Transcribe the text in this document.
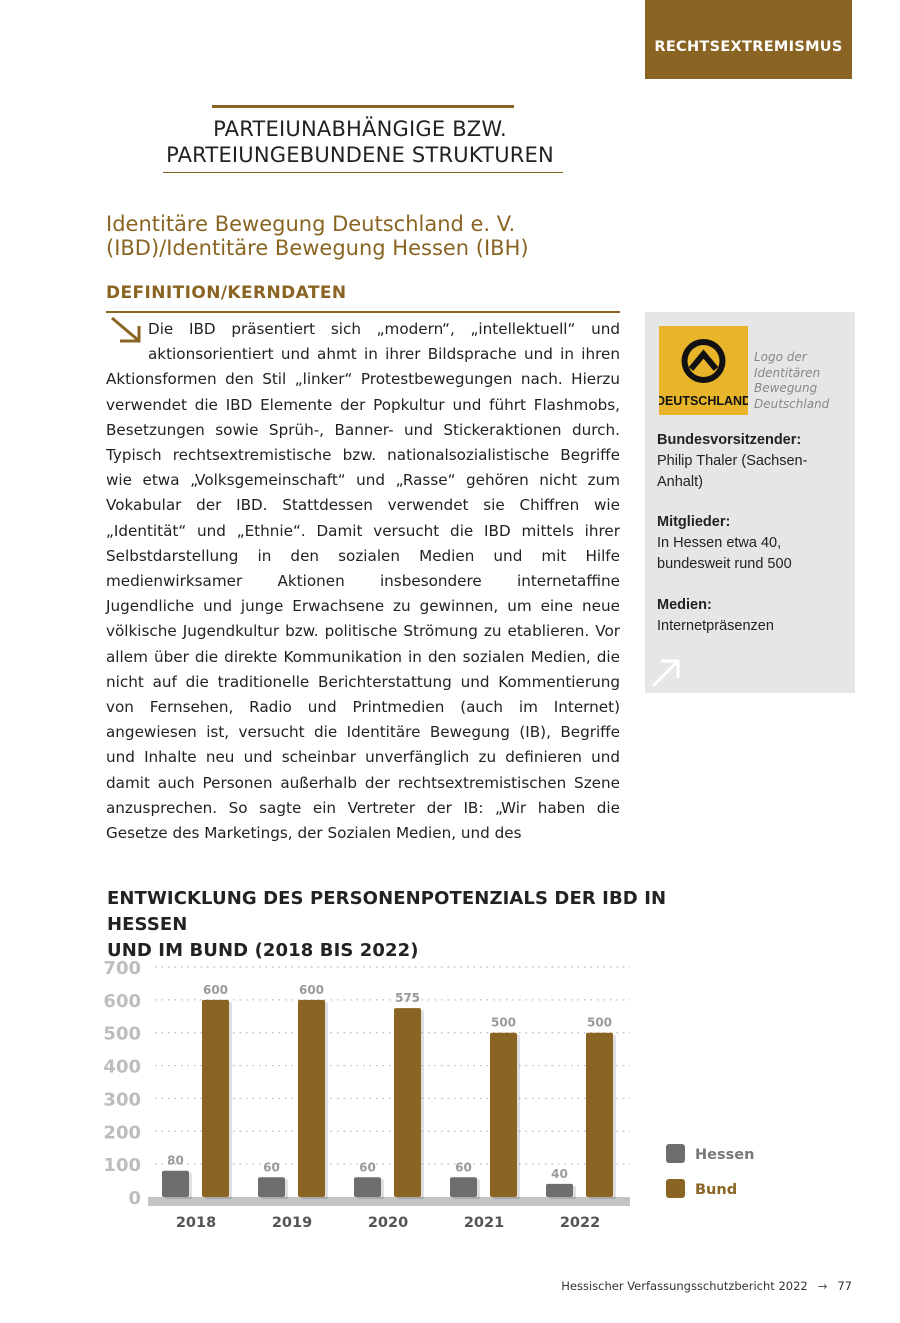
RECHTSEXTREMISMUS
PARTEIUNABHÄNGIGE BZW.
PARTEIUNGEBUNDENE STRUKTUREN
Identitäre Bewegung Deutschland e. V.
(IBD)/Identitäre Bewegung Hessen (IBH)
DEFINITION/KERNDATEN
Die IBD präsentiert sich „modern“, „intellektuell“ und aktionsorientiert und ahmt in ihrer Bildsprache und in ihren Aktionsformen den Stil „linker“ Protestbewegungen nach. Hierzu verwendet die IBD Elemente der Popkultur und führt Flashmobs, Besetzungen sowie Sprüh-, Banner- und Stickeraktionen durch. Typisch rechtsextremistische bzw. nationalsozialistische Begriffe wie etwa „Volksgemeinschaft“ und „Rasse“ gehören nicht zum Vokabular der IBD. Stattdessen verwendet sie Chiffren wie „Identität“ und „Ethnie“. Damit versucht die IBD mittels ihrer Selbstdarstellung in den sozialen Medien und mit Hilfe medienwirksamer Aktionen insbesondere internetaffine Jugendliche und junge Erwachsene zu gewinnen, um eine neue völkische Jugendkultur bzw. politische Strömung zu etablieren. Vor allem über die direkte Kommunikation in den sozialen Medien, die nicht auf die traditionelle Berichterstattung und Kommentierung von Fernsehen, Radio und Printmedien (auch im Internet) angewiesen ist, versucht die Identitäre Bewegung (IB), Begriffe und Inhalte neu und scheinbar unverfänglich zu definieren und damit auch Personen außerhalb der rechtsextremistischen Szene anzusprechen. So sagte ein Vertreter der IB: „Wir haben die Gesetze des Marketings, der Sozialen Medien, und des
DEUTSCHLAND
Logo der Identitären Bewegung Deutschland
Bundesvorsitzender:
Philip Thaler (Sachsen-Anhalt)
Mitglieder:
In Hessen etwa 40, bundesweit rund 500
Medien:
Internetpräsenzen
ENTWICKLUNG DES PERSONENPOTENZIALS DER IBD IN HESSEN
UND IM BUND (2018 BIS 2022)
0
100
200
300
400
500
600
700
80
600
2018
60
600
2019
60
575
2020
60
500
2021
40
500
2022
Hessen
Bund
Hessischer Verfassungsschutzbericht 2022 → 77
